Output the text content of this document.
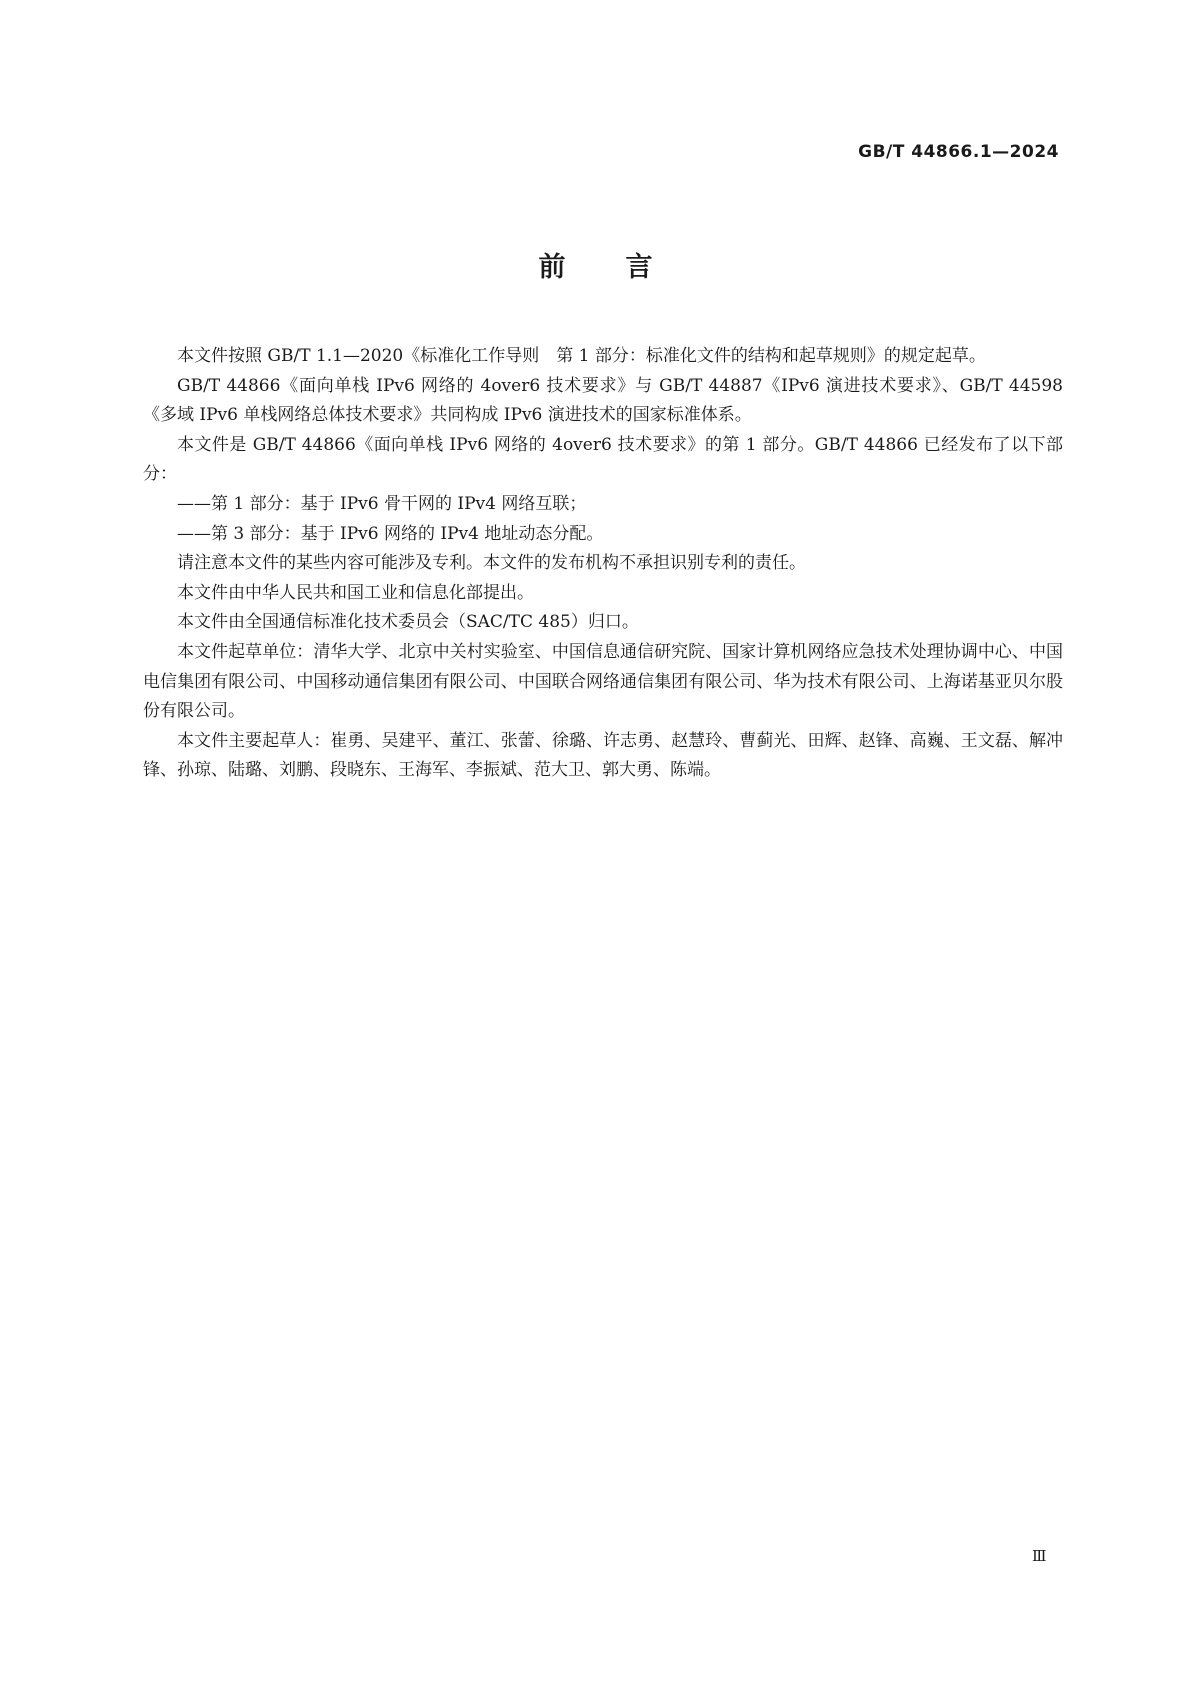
GB/T 44866.1—2024
前言

本文件按照 GB/T 1.1—2020《标准化工作导则　第 1 部分：标准化文件的结构和起草规则》的规定起草。

GB/T 44866《面向单栈 IPv6 网络的 4over6 技术要求》与 GB/T 44887《IPv6 演进技术要求》、GB/T 44598《多域 IPv6 单栈网络总体技术要求》共同构成 IPv6 演进技术的国家标准体系。

本文件是 GB/T 44866《面向单栈 IPv6 网络的 4over6 技术要求》的第 1 部分。GB/T 44866 已经发布了以下部分：

——第 1 部分：基于 IPv6 骨干网的 IPv4 网络互联；

——第 3 部分：基于 IPv6 网络的 IPv4 地址动态分配。

请注意本文件的某些内容可能涉及专利。本文件的发布机构不承担识别专利的责任。

本文件由中华人民共和国工业和信息化部提出。

本文件由全国通信标准化技术委员会（SAC/TC 485）归口。

本文件起草单位：清华大学、北京中关村实验室、中国信息通信研究院、国家计算机网络应急技术处理协调中心、中国电信集团有限公司、中国移动通信集团有限公司、中国联合网络通信集团有限公司、华为技术有限公司、上海诺基亚贝尔股份有限公司。

本文件主要起草人：崔勇、吴建平、董江、张蕾、徐璐、许志勇、赵慧玲、曹蓟光、田辉、赵锋、高巍、王文磊、解冲锋、孙琼、陆璐、刘鹏、段晓东、王海军、李振斌、范大卫、郭大勇、陈端。

Ⅲ
